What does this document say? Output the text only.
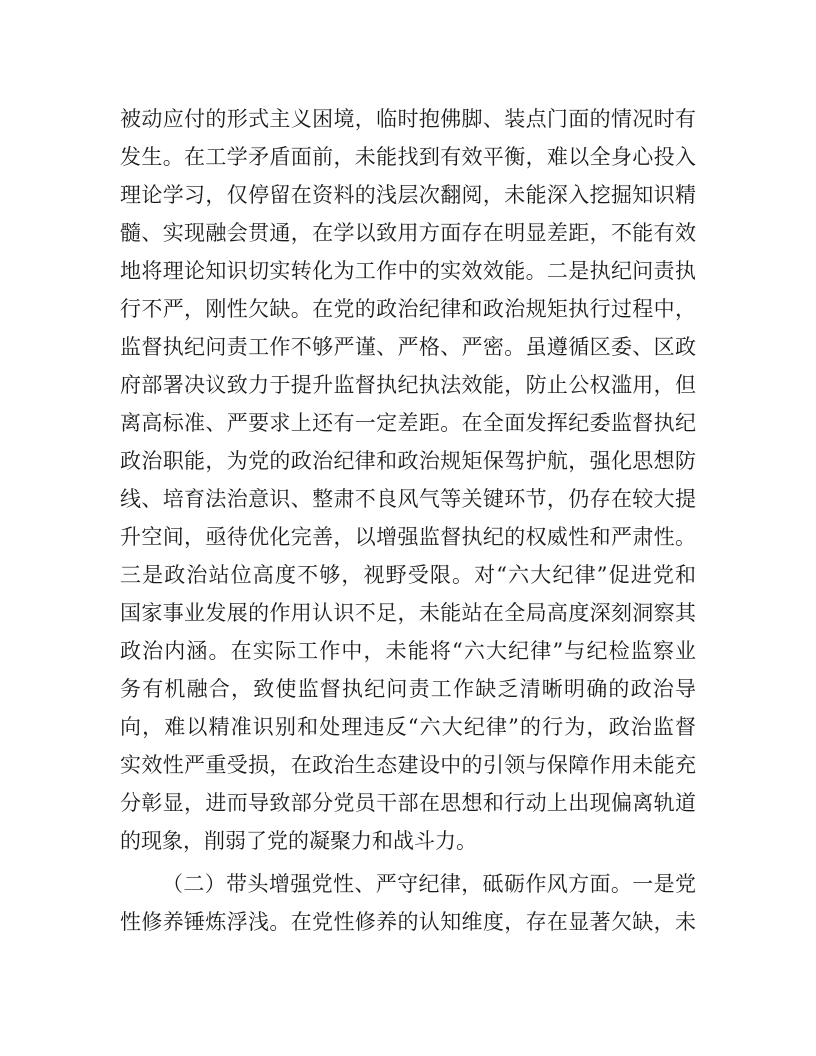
被动应付的形式主义困境，临时抱佛脚、装点门面的情况时有
发生。在工学矛盾面前，未能找到有效平衡，难以全身心投入
理论学习，仅停留在资料的浅层次翻阅，未能深入挖掘知识精
髓、实现融会贯通，在学以致用方面存在明显差距，不能有效
地将理论知识切实转化为工作中的实效效能。二是执纪问责执
行不严，刚性欠缺。在党的政治纪律和政治规矩执行过程中，
监督执纪问责工作不够严谨、严格、严密。虽遵循区委、区政
府部署决议致力于提升监督执纪执法效能，防止公权滥用，但
离高标准、严要求上还有一定差距。在全面发挥纪委监督执纪
政治职能，为党的政治纪律和政治规矩保驾护航，强化思想防
线、培育法治意识、整肃不良风气等关键环节，仍存在较大提
升空间，亟待优化完善，以增强监督执纪的权威性和严肃性。
三是政治站位高度不够，视野受限。对“六大纪律”促进党和
国家事业发展的作用认识不足，未能站在全局高度深刻洞察其
政治内涵。在实际工作中，未能将“六大纪律”与纪检监察业
务有机融合，致使监督执纪问责工作缺乏清晰明确的政治导
向，难以精准识别和处理违反“六大纪律”的行为，政治监督
实效性严重受损，在政治生态建设中的引领与保障作用未能充
分彰显，进而导致部分党员干部在思想和行动上出现偏离轨道
的现象，削弱了党的凝聚力和战斗力。
（二）带头增强党性、严守纪律，砥砺作风方面。一是党
性修养锤炼浮浅。在党性修养的认知维度，存在显著欠缺，未
